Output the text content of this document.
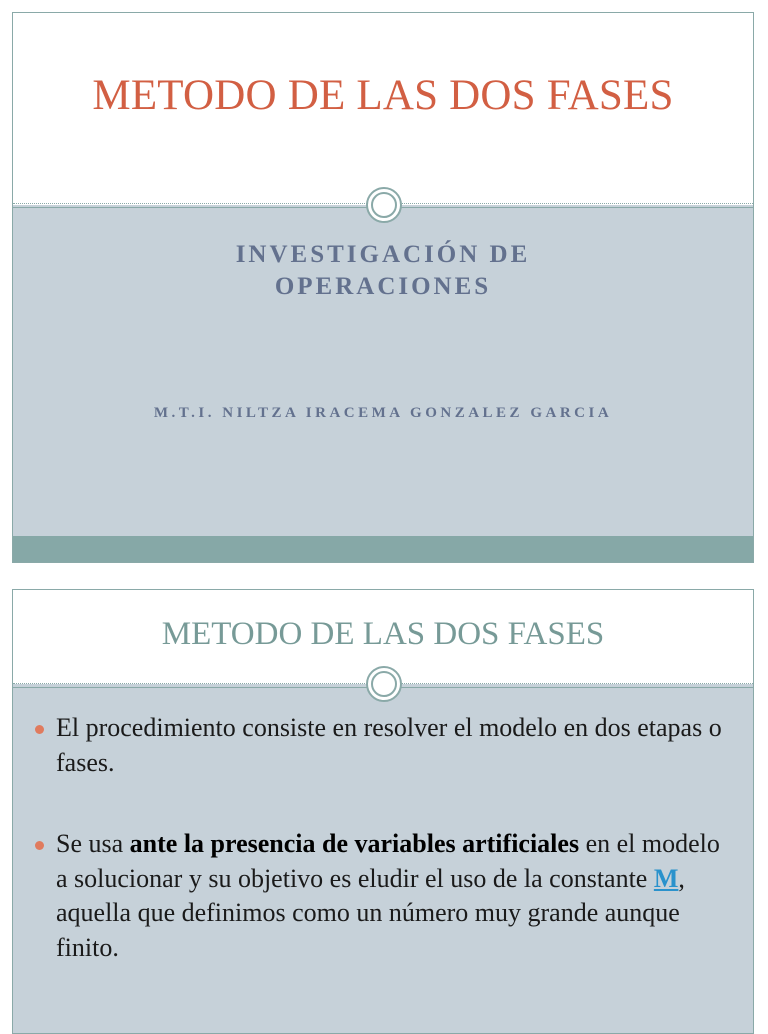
METODO DE LAS DOS FASES
INVESTIGACIÓN DE
OPERACIONES
M.T.I. NILTZA IRACEMA GONZALEZ GARCIA
METODO DE LAS DOS FASES
El procedimiento consiste en resolver el modelo en dos etapas o fases.
Se usa ante la presencia de variables artificiales en el modelo a solucionar y su objetivo es eludir el uso de la constante M, aquella que definimos como un número muy grande aunque finito.
